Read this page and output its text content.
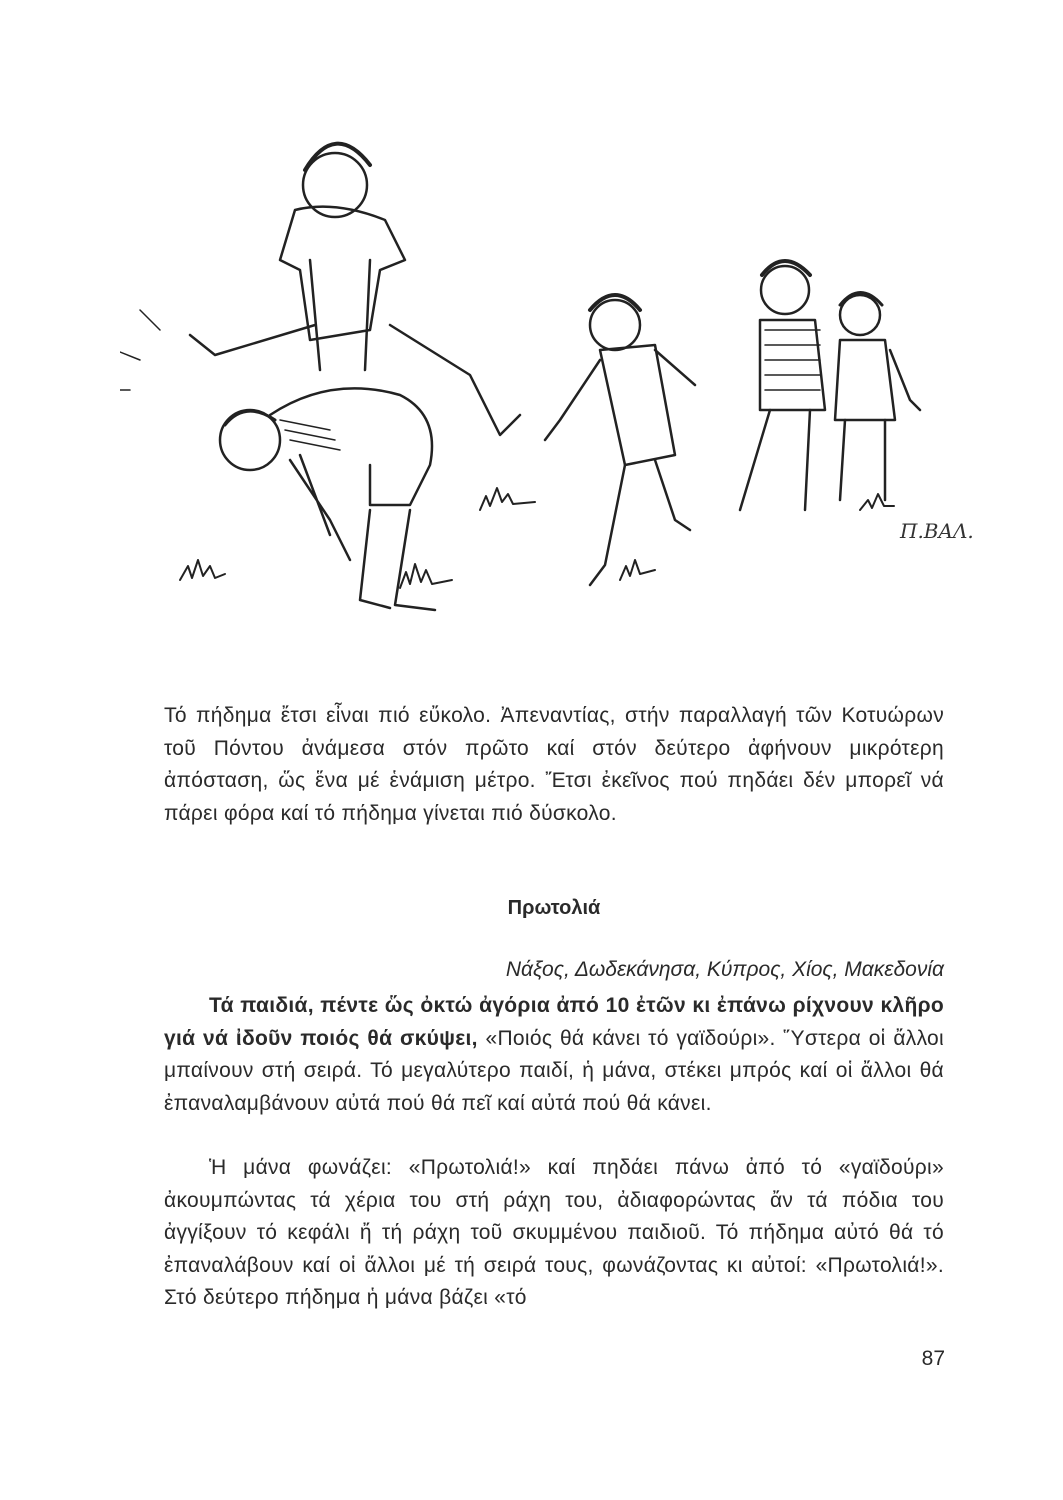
Π.ΒΑΛ.
Τό πήδημα ἔτσι εἶναι πιό εὔκολο. Ἀπεναντίας, στήν παραλλαγή τῶν Κοτυώρων τοῦ Πόντου ἀνάμεσα στόν πρῶτο καί στόν δεύτερο ἀφήνουν μικρότερη ἀπόσταση, ὥς ἕνα μέ ἑνάμιση μέτρο. Ἔτσι ἐκεῖνος πού πηδάει δέν μπορεῖ νά πάρει φόρα καί τό πήδημα γίνεται πιό δύσκολο.
Πρωτολιά
Νάξος, Δωδεκάνησα, Κύπρος, Χίος, Μακεδονία
Τά παιδιά, πέντε ὥς ὀκτώ ἀγόρια ἀπό 10 ἐτῶν κι ἐπάνω ρίχνουν κλῆρο γιά νά ἰδοῦν ποιός θά σκύψει, «Ποιός θά κάνει τό γαϊδούρι». Ὕστερα οἱ ἄλλοι μπαίνουν στή σειρά. Τό μεγαλύτερο παιδί, ἡ μάνα, στέκει μπρός καί οἱ ἄλλοι θά ἐπαναλαμβάνουν αὐτά πού θά πεῖ καί αὐτά πού θά κάνει.
Ἡ μάνα φωνάζει: «Πρωτολιά!» καί πηδάει πάνω ἀπό τό «γαϊδούρι» ἀκουμπώντας τά χέρια του στή ράχη του, ἀδιαφορώντας ἄν τά πόδια του ἀγγίξουν τό κεφάλι ἤ τή ράχη τοῦ σκυμμένου παιδιοῦ. Τό πήδημα αὐτό θά τό ἐπαναλάβουν καί οἱ ἄλλοι μέ τή σειρά τους, φωνάζοντας κι αὐτοί: «Πρωτολιά!». Στό δεύτερο πήδημα ἡ μάνα βάζει «τό
87
